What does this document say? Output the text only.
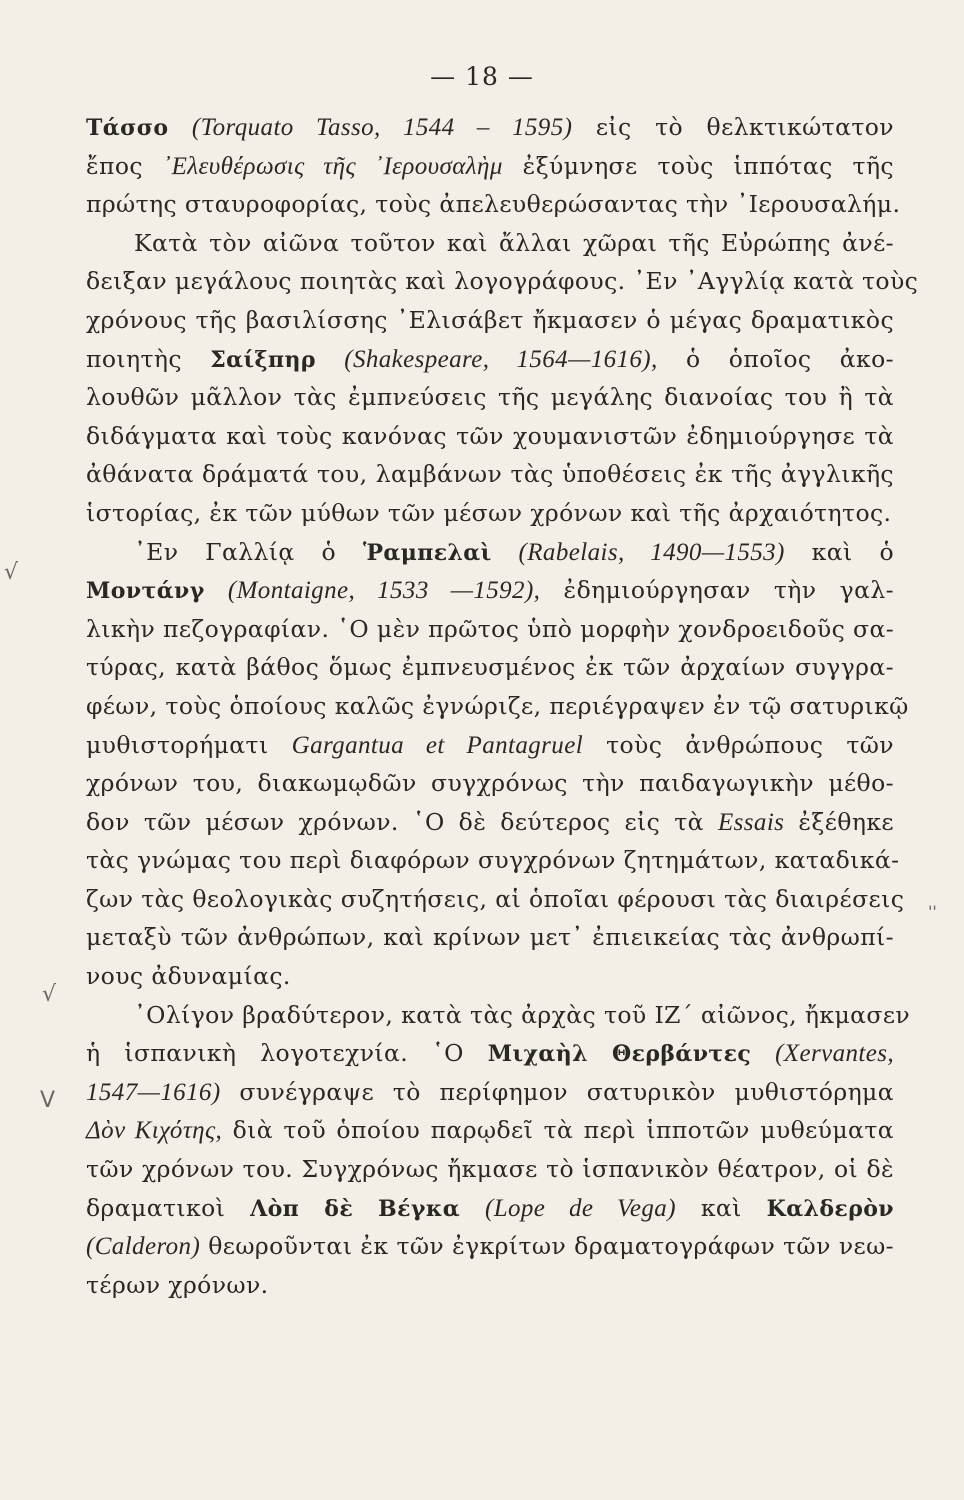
— 18 —
√
√
V
''
Τάσσο (Torquato Tasso, 1544 – 1595) εἰς τὸ θελκτικώτατον
ἔπος ᾿Ελευθέρωσις τῆς ᾿Ιερουσαλὴμ ἐξύμνησε τοὺς ἱππότας τῆς
πρώτης σταυροφορίας, τοὺς ἀπελευθερώσαντας τὴν ᾿Ιερουσαλήμ.
Κατὰ τὸν αἰῶνα τοῦτον καὶ ἄλλαι χῶραι τῆς Εὐρώπης ἀνέ-
δειξαν μεγάλους ποιητὰς καὶ λογογράφους. ᾿Εν ᾿Αγγλίᾳ κατὰ τοὺς
χρόνους τῆς βασιλίσσης ᾿Ελισάβετ ἤκμασεν ὁ μέγας δραματικὸς
ποιητὴς Σαίξπηρ (Shakespeare, 1564—1616), ὁ ὁποῖος ἀκο-
λουθῶν μᾶλλον τὰς ἐμπνεύσεις τῆς μεγάλης διανοίας του ἢ τὰ
διδάγματα καὶ τοὺς κανόνας τῶν χουμανιστῶν ἐδημιούργησε τὰ
ἀθάνατα δράματά του, λαμβάνων τὰς ὑποθέσεις ἐκ τῆς ἀγγλικῆς
ἱστορίας, ἐκ τῶν μύθων τῶν μέσων χρόνων καὶ τῆς ἀρχαιότητος.
᾿Εν Γαλλίᾳ ὁ Ῥαμπελαὶ (Rabelais, 1490—1553) καὶ ὁ
Μοντάνγ (Montaigne, 1533 —1592), ἐδημιούργησαν τὴν γαλ-
λικὴν πεζογραφίαν. ῾Ο μὲν πρῶτος ὑπὸ μορφὴν χονδροειδοῦς σα-
τύρας, κατὰ βάθος ὅμως ἐμπνευσμένος ἐκ τῶν ἀρχαίων συγγρα-
φέων, τοὺς ὁποίους καλῶς ἐγνώριζε, περιέγραψεν ἐν τῷ σατυρικῷ
μυθιστορήματι Gargantua et Pantagruel τοὺς ἀνθρώπους τῶν
χρόνων του, διακωμῳδῶν συγχρόνως τὴν παιδαγωγικὴν μέθο-
δον τῶν μέσων χρόνων. ῾Ο δὲ δεύτερος εἰς τὰ Essais ἐξέθηκε
τὰς γνώμας του περὶ διαφόρων συγχρόνων ζητημάτων, καταδικά-
ζων τὰς θεολογικὰς συζητήσεις, αἱ ὁποῖαι φέρουσι τὰς διαιρέσεις
μεταξὺ τῶν ἀνθρώπων, καὶ κρίνων μετ᾿ ἐπιεικείας τὰς ἀνθρωπί-
νους ἀδυναμίας.
᾿Ολίγον βραδύτερον, κατὰ τὰς ἀρχὰς τοῦ ΙΖ´ αἰῶνος, ἤκμασεν
ἡ ἱσπανικὴ λογοτεχνία. ῾Ο Μιχαὴλ Θερβάντες (Xervantes,
1547—1616) συνέγραψε τὸ περίφημον σατυρικὸν μυθιστόρημα
Δὸν Κιχότης, διὰ τοῦ ὁποίου παρῳδεῖ τὰ περὶ ἱπποτῶν μυθεύματα
τῶν χρόνων του. Συγχρόνως ἤκμασε τὸ ἱσπανικὸν θέατρον, οἱ δὲ
δραματικοὶ Λὸπ δὲ Βέγκα (Lope de Vega) καὶ Καλδερὸν
(Calderon) θεωροῦνται ἐκ τῶν ἐγκρίτων δραματογράφων τῶν νεω-
τέρων χρόνων.
